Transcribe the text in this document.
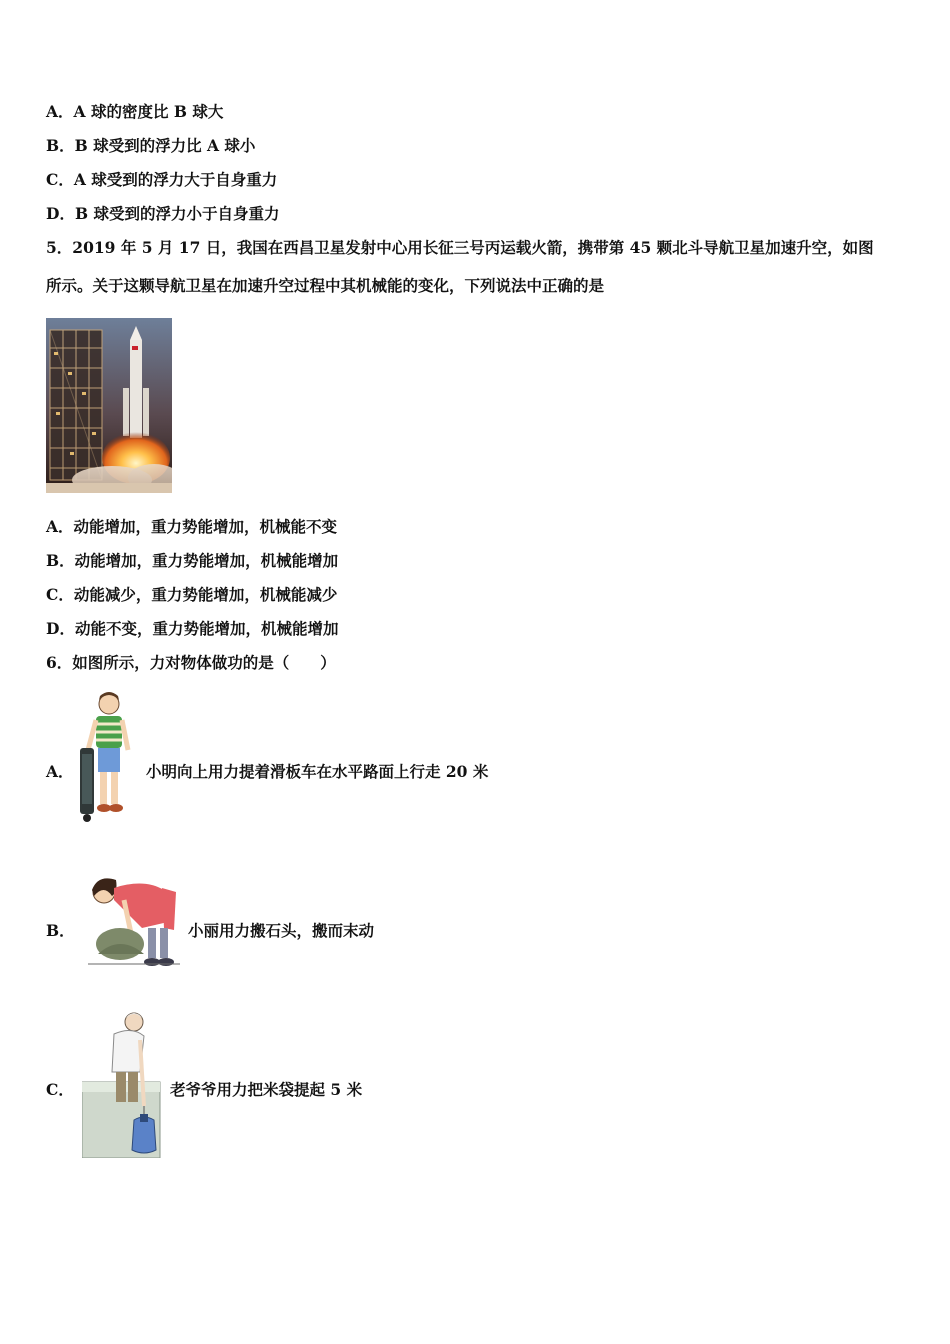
A．A 球的密度比 B 球大
B．B 球受到的浮力比 A 球小
C．A 球受到的浮力大于自身重力
D．B 球受到的浮力小于自身重力
5．2019 年 5 月 17 日，我国在西昌卫星发射中心用长征三号丙运载火箭，携带第 45 颗北斗导航卫星加速升空，如图
所示。关于这颗导航卫星在加速升空过程中其机械能的变化，下列说法中正确的是
A．动能增加，重力势能增加，机械能不变
B．动能增加，重力势能增加，机械能增加
C．动能减少，重力势能增加，机械能减少
D．动能不变，重力势能增加，机械能增加
6．如图所示，力对物体做功的是（　　）
A．	小明向上用力提着滑板车在水平路面上行走 20 米
B．	小丽用力搬石头，搬而末动
C．	老爷爷用力把米袋提起 5 米
